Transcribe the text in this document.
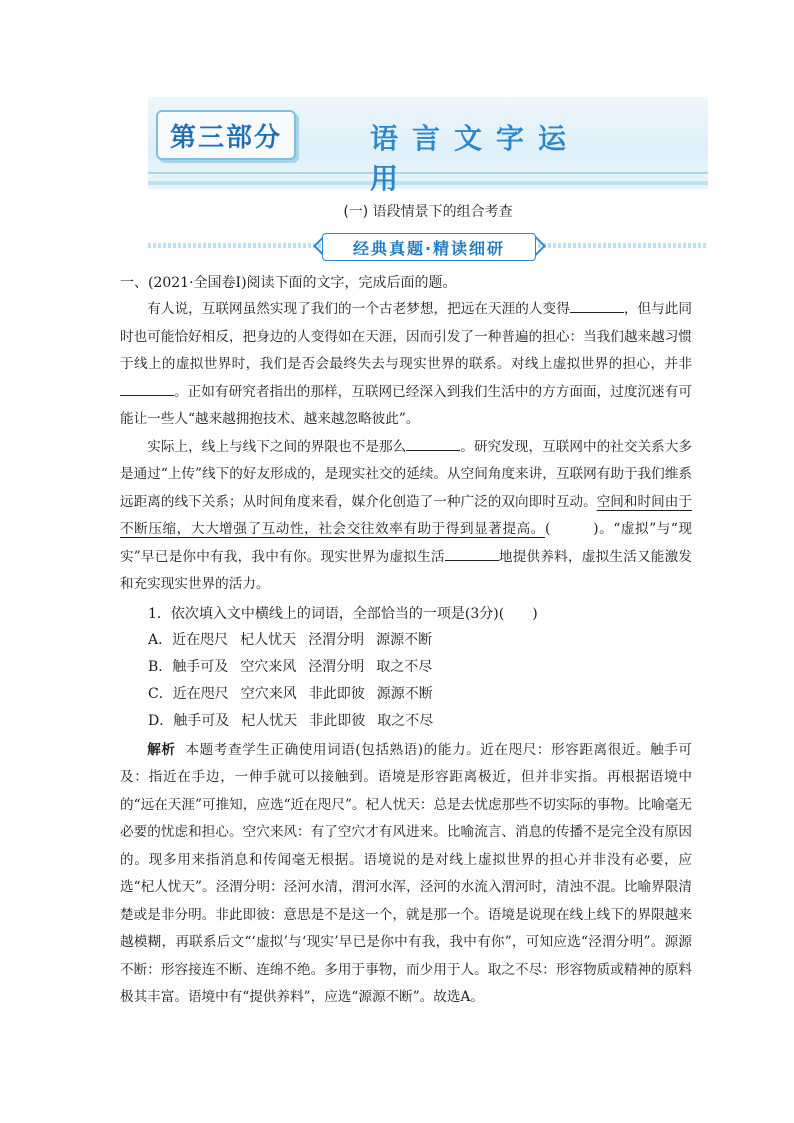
第三部分	语言文字运用
(一) 语段情景下的组合考查
经典真题·精读细研

一、(2021·全国卷Ⅰ)阅读下面的文字，完成后面的题。

有人说，互联网虽然实现了我们的一个古老梦想，把远在天涯的人变得	，但与此同时也可能恰好相反，把身边的人变得如在天涯，因而引发了一种普遍的担心：当我们越来越习惯于线上的虚拟世界时，我们是否会最终失去与现实世界的联系。对线上虚拟世界的担心，并非。正如有研究者指出的那样，互联网已经深入到我们生活中的方方面面，过度沉迷有可能让一些人“越来越拥抱技术、越来越忽略彼此”。

实际上，线上与线下之间的界限也不是那么	。研究发现，互联网中的社交关系大多是通过“上传”线下的好友形成的，是现实社交的延续。从空间角度来讲，互联网有助于我们维系远距离的线下关系；从时间角度来看，媒介化创造了一种广泛的双向即时互动。空间和时间由于不断压缩，大大增强了互动性，社会交往效率有助于得到显著提高。(　　　)。“虚拟”与“现实”早已是你中有我，我中有你。现实世界为虚拟生活	地提供养料，虚拟生活又能激发和充实现实世界的活力。

1．依次填入文中横线上的词语，全部恰当的一项是(3分)(　　)

A．近在咫尺 杞人忧天 泾渭分明 源源不断

B．触手可及 空穴来风 泾渭分明 取之不尽

C．近在咫尺 空穴来风 非此即彼 源源不断

D．触手可及 杞人忧天 非此即彼 取之不尽

解析 本题考查学生正确使用词语(包括熟语)的能力。近在咫尺：形容距离很近。触手可及：指近在手边，一伸手就可以接触到。语境是形容距离极近，但并非实指。再根据语境中的“远在天涯”可推知，应选“近在咫尺”。杞人忧天：总是去忧虑那些不切实际的事物。比喻毫无必要的忧虑和担心。空穴来风：有了空穴才有风进来。比喻流言、消息的传播不是完全没有原因的。现多用来指消息和传闻毫无根据。语境说的是对线上虚拟世界的担心并非没有必要，应选“杞人忧天”。泾渭分明：泾河水清，渭河水浑，泾河的水流入渭河时，清浊不混。比喻界限清楚或是非分明。非此即彼：意思是不是这一个，就是那一个。语境是说现在线上线下的界限越来越模糊，再联系后文“‘虚拟’与‘现实’早已是你中有我，我中有你”，可知应选“泾渭分明”。源源不断：形容接连不断、连绵不绝。多用于事物，而少用于人。取之不尽：形容物质或精神的原料极其丰富。语境中有“提供养料”，应选“源源不断”。故选A。
